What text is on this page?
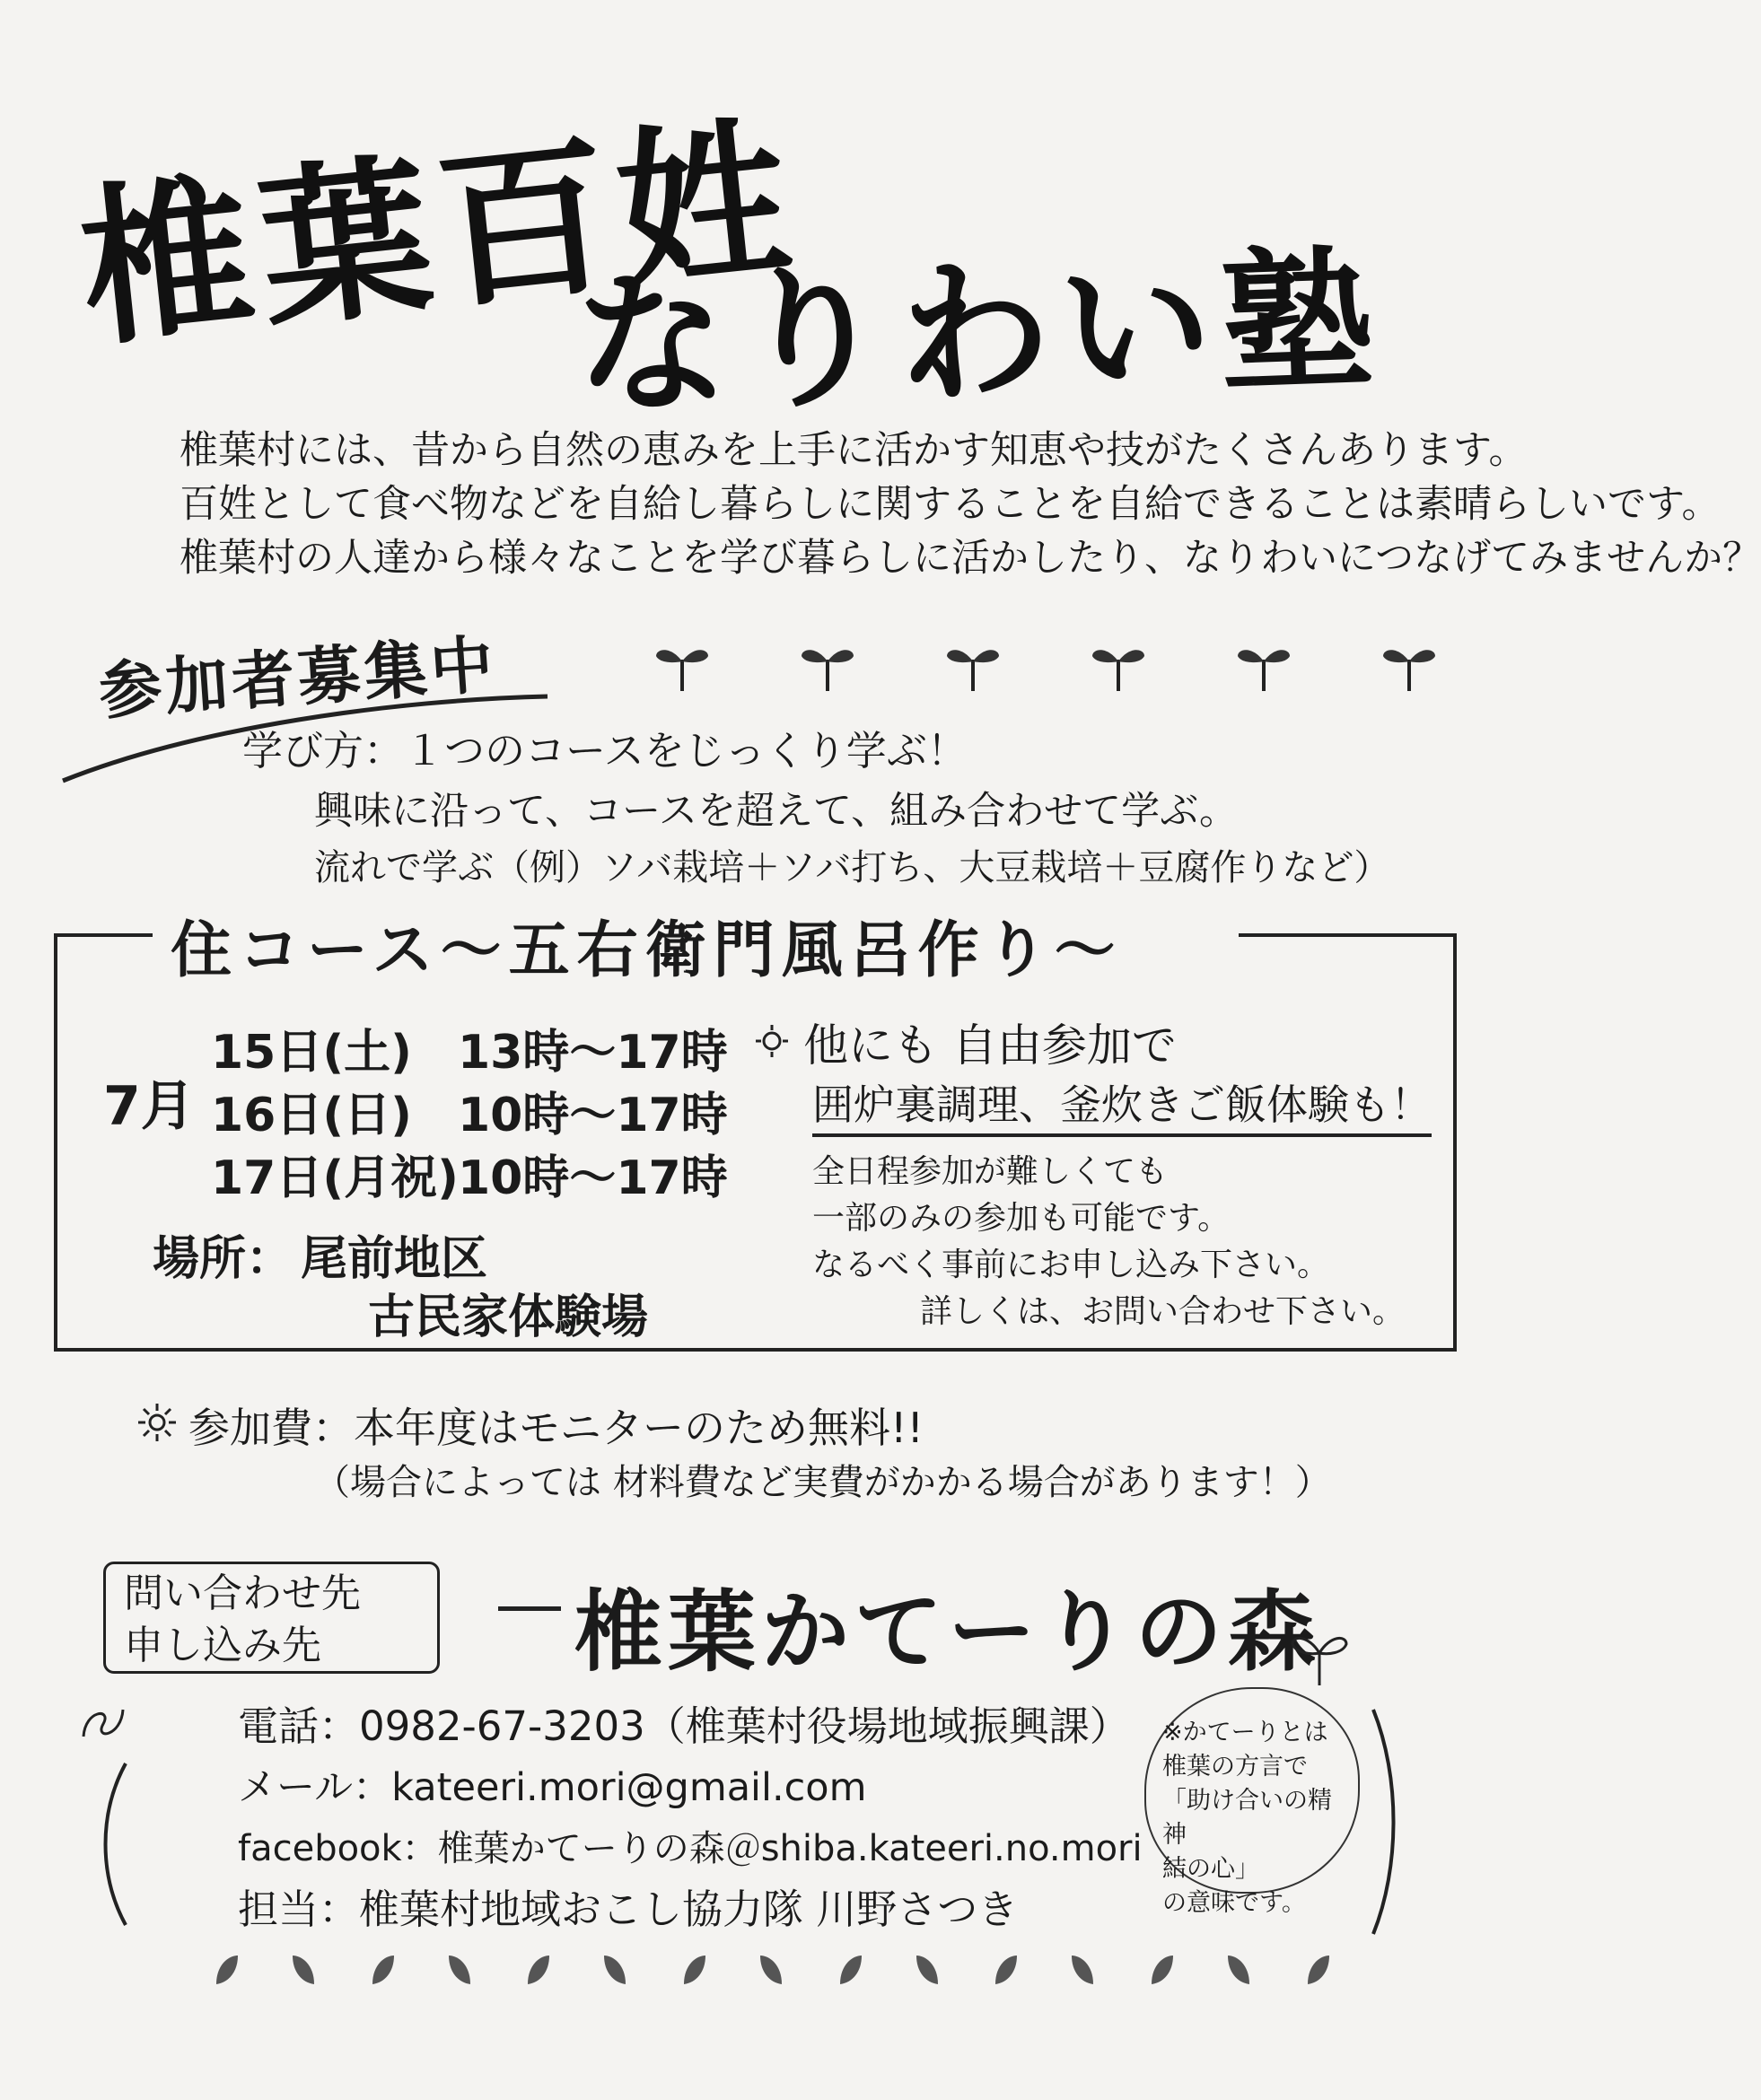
椎葉百姓
なりわい塾
椎葉村には、昔から自然の恵みを上手に活かす知恵や技がたくさんあります。
百姓として食べ物などを自給し暮らしに関することを自給できることは素晴らしいです。
椎葉村の人達から様々なことを学び暮らしに活かしたり、なりわいにつなげてみませんか？
参加者募集中
学び方：１つのコースをじっくり学ぶ！
興味に沿って、コースを超えて、組み合わせて学ぶ。
流れで学ぶ（例）ソバ栽培＋ソバ打ち、大豆栽培＋豆腐作りなど）
住コース～五右衛門風呂作り～
7月
15日(土) 13時～17時
16日(日) 10時～17時
17日(月祝) 10時～17時
場所： 尾前地区
古民家体験場
他にも 自由参加で
囲炉裏調理、釜炊きご飯体験も！
全日程参加が難しくても
一部のみの参加も可能です。
なるべく事前にお申し込み下さい。
詳しくは、お問い合わせ下さい。
参加費：本年度はモニターのため無料!!
（場合によっては 材料費など実費がかかる場合があります！）
問い合わせ先
申し込み先	椎葉かてーりの森
電話：0982-67-3203（椎葉村役場地域振興課）
メール：kateeri.mori@gmail.com
facebook：椎葉かてーりの森＠shiba.kateeri.no.mori
担当：椎葉村地域おこし協力隊 川野さつき
※かてーりとは
椎葉の方言で
「助け合いの精神
結の心」
の意味です。
